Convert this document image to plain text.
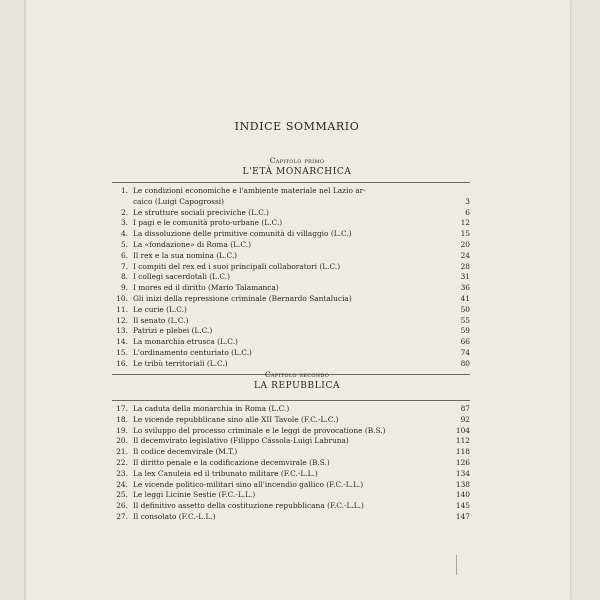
INDICE SOMMARIO
Capitolo primo
L'ETÀ MONARCHICA
1. Le condizioni economiche e l'ambiente materiale nel Lazio ar-
caico (Luigi Capogrossi)	3
2. Le strutture sociali preciviche (L.C.)	6
3. I pagi e le comunità proto-urbane (L.C.)	12
4. La dissoluzione delle primitive comunità di villaggio (L.C.)	15
5. La «fondazione» di Roma (L.C.)	20
6. Il rex e la sua nomina (L.C.)	24
7. I compiti del rex ed i suoi principali collaboratori (L.C.)	28
8. I collegi sacerdotali (L.C.)	31
9. I mores ed il diritto (Mario Talamanca)	36
10. Gli inizi della repressione criminale (Bernardo Santalucia)	41
11. Le curie (L.C.)	50
12. Il senato (L.C.)	55
13. Patrizi e plebei (L.C.)	59
14. La monarchia etrusca (L.C.)	66
15. L'ordinamento centuriato (L.C.)	74
16. Le tribù territoriali (L.C.)	80
Capitolo secondo
LA REPUBBLICA
17. La caduta della monarchia in Roma (L.C.)	87
18. Le vicende repubblicane sino alle XII Tavole (F.C.-L.C.)	92
19. Lo sviluppo del processo criminale e le leggi de provocatione (B.S.)	104
20. Il decemvirato legislativo (Filippo Cássola-Luigi Labruna)	112
21. Il codice decemvirale (M.T.)	118
22. Il diritto penale e la codificazione decemvirale (B.S.)	126
23. La lex Canuleia ed il tribunato militare (F.C.-L.L.)	134
24. Le vicende politico-militari sino all'incendio gallico (F.C.-L.L.)	138
25. Le leggi Licinie Sestie (F.C.-L.L.)	140
26. Il definitivo assetto della costituzione repubblicana (F.C.-L.L.)	145
27. Il consolato (F.C.-L.L.)	147
